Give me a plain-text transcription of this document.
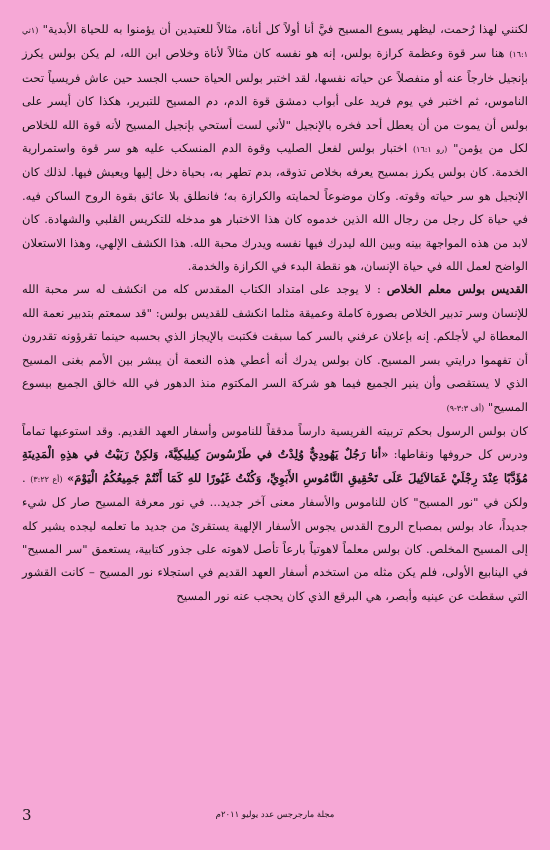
لكنني لهذا رُحمت، ليظهر يسوع المسيح فيَّ أنا أولاً كل أناة، مثالاً للعتيدين أن يؤمنوا به للحياة الأبدية" (١تي ١٦:١) هنا سر قوة وعظمة كرازة بولس، إنه هو نفسه كان مثالاً لأناة وخلاص ابن الله، لم يكن بولس يكرز بإنجيل خارجاً عنه أو منفصلاً عن حياته نفسها، لقد اختبر بولس الحياة حسب الجسد حين عاش فريسياً تحت الناموس، ثم اختبر في يوم فريد على أبواب دمشق قوة الدم، دم المسيح للتبرير، هكذا كان أيسر على بولس أن يموت من أن يعطل أحد فخره بالإنجيل "لأني لست أستحي بإنجيل المسيح لأنه قوة الله للخلاص لكل من يؤمن" (رو ١٦:١) اختبار بولس لفعل الصليب وقوة الدم المنسكب عليه هو سر قوة واستمرارية الخدمة. كان بولس يكرز بمسيح يعرفه بخلاص تذوقه، بدم تطهر به، بحياة دخل إليها ويعيش فيها. لذلك كان الإنجيل هو سر حياته وقوته. وكان موضوعاً لحمايته والكرازة به؛ فانطلق بلا عائق بقوة الروح الساكن فيه. في حياة كل رجل من رجال الله الذين خدموه كان هذا الاختبار هو مدخله للتكريس القلبي والشهادة. كان لابد من هذه المواجهة بينه وبين الله ليدرك فيها نفسه ويدرك محبة الله. هذا الكشف الإلهي، وهذا الاستعلان الواضح لعمل الله في حياة الإنسان، هو نقطة البدء في الكرازة والخدمة.

القديس بولس معلم الخلاص : لا يوجد على امتداد الكتاب المقدس كله من انكشف له سر محبة الله للإنسان وسر تدبير الخلاص بصورة كاملة وعميقة مثلما انكشف للقديس بولس: "قد سمعتم بتدبير نعمة الله المعطاة لي لأجلكم. إنه بإعلان عرفني بالسر كما سبقت فكتبت بالإيجاز الذي بحسبه حينما تقرؤونه تقدرون أن تفهموا درايتي بسر المسيح. كان بولس يدرك أنه أعطي هذه النعمة أن يبشر بين الأمم بغنى المسيح الذي لا يستقصى وأن ينير الجميع فيما هو شركة السر المكتوم منذ الدهور في الله خالق الجميع بيسوع المسيح" (أف ٣:٣-٩)

كان بولس الرسول بحكم تربيته الفريسية دارساً مدققاً للناموس وأسفار العهد القديم. وقد استوعبها تماماً ودرس كل حروفها ونقاطها: «أنا رَجُلٌ يَهُودِيٌّ وُلِدْتُ في طَرْسُوسَ كِيلِيكِيَّةَ، وَلكِنْ رَبَيْتُ في هذِهِ الْمَدِينَةِ مُؤَدَّبًا عِنْدَ رِجْلَيْ غَمَالاَئِيلَ عَلَى تَحْقِيقِ النَّامُوسِ الأَبَوِيِّ، وَكُنْتُ غَيُورًا للهِ كَمَا أَنْتُمْ جَمِيعُكُمُ الْيَوْمَ» (أع ٣:٢٢) . ولكن في "نور المسيح" كان للناموس والأسفار معنى آخر جديد... في نور معرفة المسيح صار كل شيء جديداً، عاد بولس بمصباح الروح القدس يجوس الأسفار الإلهية يستقرئ من جديد ما تعلمه ليجده يشير كله إلى المسيح المخلص. كان بولس معلماً لاهوتياً بارعاً تأصل لاهوته على جذور كتابية، يستعمق "سر المسيح" في الينابيع الأولى، فلم يكن مثله من استخدم أسفار العهد القديم في استجلاء نور المسيح – كانت القشور التي سقطت عن عينيه وأبصر، هي البرقع الذي كان يحجب عنه نور المسيح

3	مجلة مارجرجس عدد يوليو ٢٠١١م
